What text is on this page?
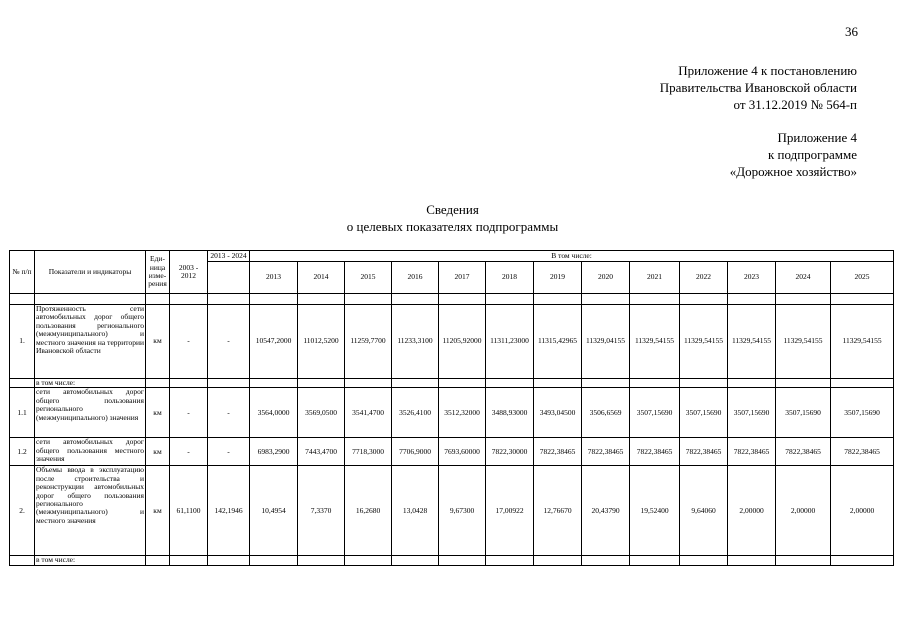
36
Приложение 4 к постановлению
Правительства Ивановской области
от 31.12.2019 № 564-п
Приложение 4
к подпрограмме
«Дорожное хозяйство»
Сведения
о целевых показателях подпрограммы
№ п/п	Показатели и индикаторы	Еди- ница изме- рения	2003 - 2012	2013 - 2024	В том числе:												
					2013	2014	2015	2016	2017	2018	2019	2020	2021	2022	2023	2024	2025

1.	Протяженность сети автомобильных дорог общего пользования регионального (межмуниципального) и местного значения на территории Ивановской области	км	-	-	10547,2000	11012,5200	11259,7700	11233,3100	11205,92000	11311,23000	11315,42965	11329,04155	11329,54155	11329,54155	11329,54155	11329,54155	11329,54155
	в том числе:																
1.1	сети автомобильных дорог общего пользования регионального (межмуниципального) значения	км	-	-	3564,0000	3569,0500	3541,4700	3526,4100	3512,32000	3488,93000	3493,04500	3506,6569	3507,15690	3507,15690	3507,15690	3507,15690	3507,15690
1.2	сети автомобильных дорог общего пользования местного значения	км	-	-	6983,2900	7443,4700	7718,3000	7706,9000	7693,60000	7822,30000	7822,38465	7822,38465	7822,38465	7822,38465	7822,38465	7822,38465	7822,38465
2.	Объемы ввода в эксплуатацию после строительства и реконструкции автомобильных дорог общего пользования регионального (межмуниципального) и местного значения	км	61,1100	142,1946	10,4954	7,3370	16,2680	13,0428	9,67300	17,00922	12,76670	20,43790	19,52400	9,64060	2,00000	2,00000	2,00000
	в том числе:																
